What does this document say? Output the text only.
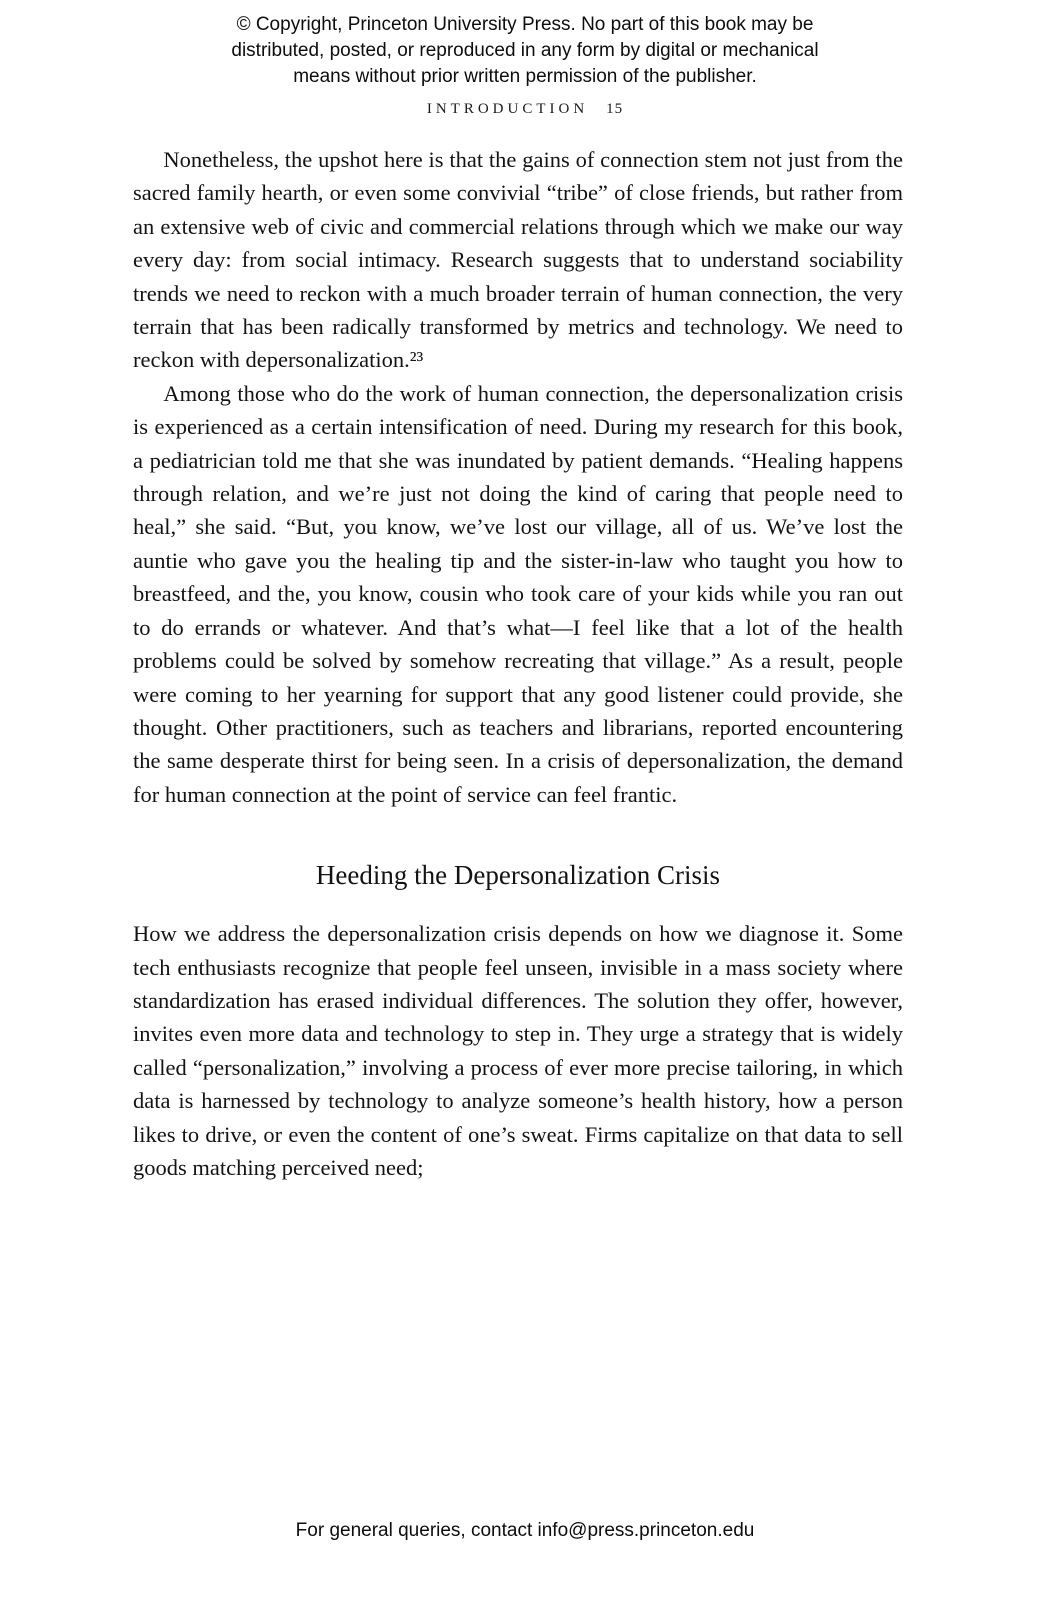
© Copyright, Princeton University Press. No part of this book may be
distributed, posted, or reproduced in any form by digital or mechanical
means without prior written permission of the publisher.
INTRODUCTION 15

Nonetheless, the upshot here is that the gains of connection stem not just from the sacred family hearth, or even some convivial “tribe” of close friends, but rather from an extensive web of civic and commercial relations through which we make our way every day: from social intimacy. Research suggests that to understand sociability trends we need to reckon with a much broader terrain of human connection, the very terrain that has been radically transformed by metrics and technology. We need to reckon with depersonalization.²³

Among those who do the work of human connection, the depersonalization crisis is experienced as a certain intensification of need. During my research for this book, a pediatrician told me that she was inundated by patient demands. “Healing happens through relation, and we’re just not doing the kind of caring that people need to heal,” she said. “But, you know, we’ve lost our village, all of us. We’ve lost the auntie who gave you the healing tip and the sister-in-law who taught you how to breastfeed, and the, you know, cousin who took care of your kids while you ran out to do errands or whatever. And that’s what—I feel like that a lot of the health problems could be solved by somehow recreating that village.” As a result, people were coming to her yearning for support that any good listener could provide, she thought. Other practitioners, such as teachers and librarians, reported encountering the same desperate thirst for being seen. In a crisis of depersonalization, the demand for human connection at the point of service can feel frantic.

Heeding the Depersonalization Crisis

How we address the depersonalization crisis depends on how we diagnose it. Some tech enthusiasts recognize that people feel unseen, invisible in a mass society where standardization has erased individual differences. The solution they offer, however, invites even more data and technology to step in. They urge a strategy that is widely called “personalization,” involving a process of ever more precise tailoring, in which data is harnessed by technology to analyze someone’s health history, how a person likes to drive, or even the content of one’s sweat. Firms capitalize on that data to sell goods matching perceived need;

For general queries, contact info@press.princeton.edu
